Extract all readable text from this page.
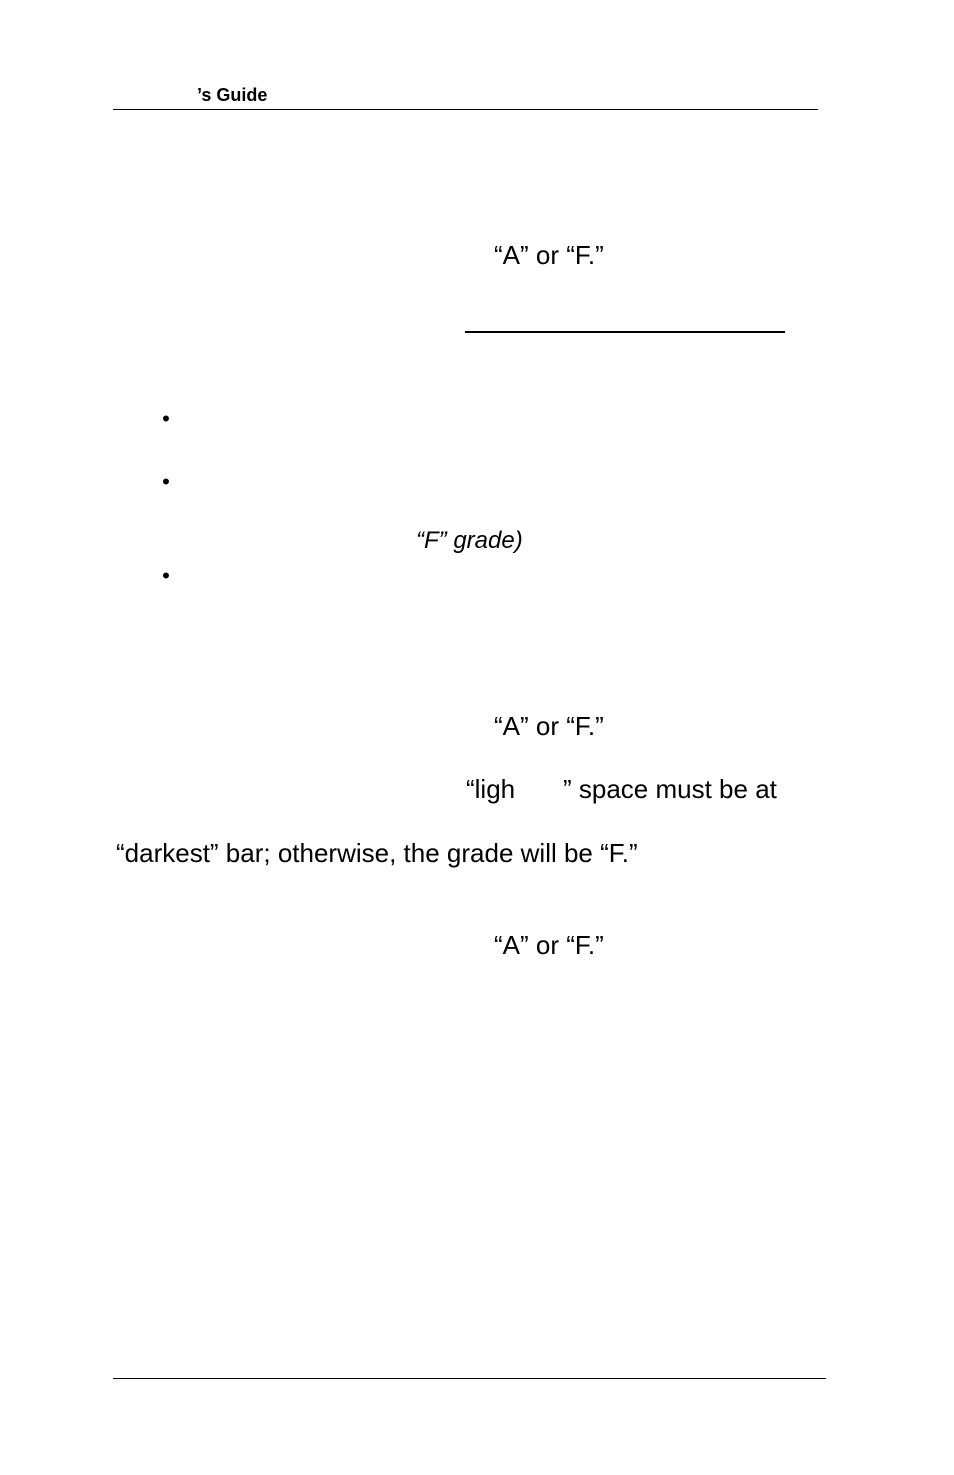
’s Guide
“A” or “F.”
•
•
“F” grade)
•
“A” or “F.”
“ligh ” space must be at
“darkest” bar; otherwise, the grade will be “F.”
“A” or “F.”
